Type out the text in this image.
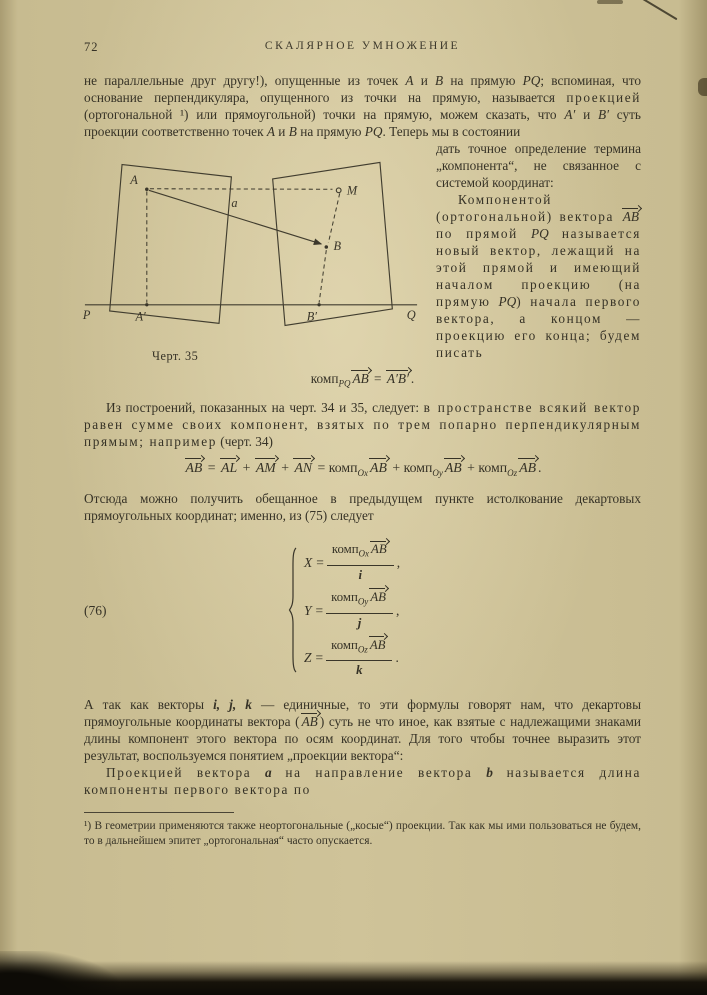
72	СКАЛЯРНОЕ УМНОЖЕНИЕ

не параллельные друг другу!), опущенные из точек A и B на прямую PQ; вспоминая, что основание перпендикуляра, опущенного из точки на прямую, называется проекцией (ортогональной ¹) или прямоугольной) точки на прямую, можем сказать, что A′ и B′ суть проекции соответственно точек A и B на прямую PQ. Теперь мы в состоянии

A
M
B
a
P	Q
A′	B′
Черт. 35

дать точное определение термина „компонента“, не связанное с системой координат:

Компонентой (ортогональной) вектора AB по прямой PQ называется новый вектор, лежащий на этой прямой и имеющий началом проекцию (на прямую PQ) начала первого вектора, а концом — проекцию его конца; будем писать

комп$_{PQ}$ AB = A′B′ .

Из построений, показанных на черт. 34 и 35, следует: в пространстве всякий вектор равен сумме своих компонент, взятых по трем попарно перпендикулярным прямым; например (черт. 34)

AB = AL + AM + AN = комп$_{Ox}$ AB + комп$_{Oy}$ AB + комп$_{Oz}$ AB .

Отсюда можно получить обещанное в предыдущем пункте истолкование декартовых прямоугольных координат; именно, из (75) следует

(76)
$X = \frac{комп_{Ox} AB}{i}$ ,
$Y = \frac{комп_{Oy} AB}{j}$ ,
$Z = \frac{комп_{Oz} AB}{k}$ .

А так как векторы i, j, k — единичные, то эти формулы говорят нам, что декартовы прямоугольные координаты вектора ( AB ) суть не что иное, как взятые с надлежащими знаками длины компонент этого вектора по осям координат. Для того чтобы точнее выразить этот результат, воспользуемся понятием „проекции вектора“:

Проекцией вектора a на направление вектора b называется длина компоненты первого вектора по

¹) В геометрии применяются также неортогональные („косые“) проекции. Так как мы ими пользоваться не будем, то в дальнейшем эпитет „ортогональная“ часто опускается.
